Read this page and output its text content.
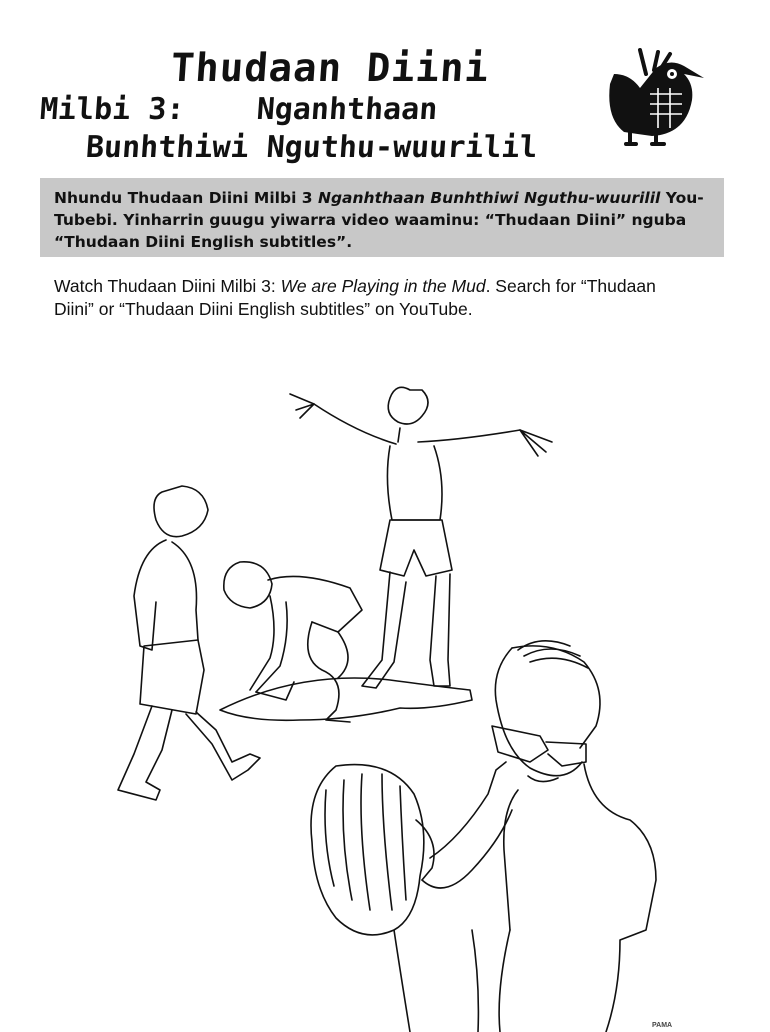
Thudaan Diini
Milbi 3:    Nganhthaan
Bunhthiwi Nguthu-wuurilil
Nhundu Thudaan Diini Milbi 3 Nganhthaan Bunhthiwi Nguthu-wuurilil You-Tubebi. Yinharrin guugu yiwarra video waaminu: “Thudaan Diini” nguba “Thudaan Diini English subtitles”.
Watch Thudaan Diini Milbi 3: We are Playing in the Mud. Search for “Thudaan Diini” or “Thudaan Diini English subtitles” on YouTube.
PAMA
